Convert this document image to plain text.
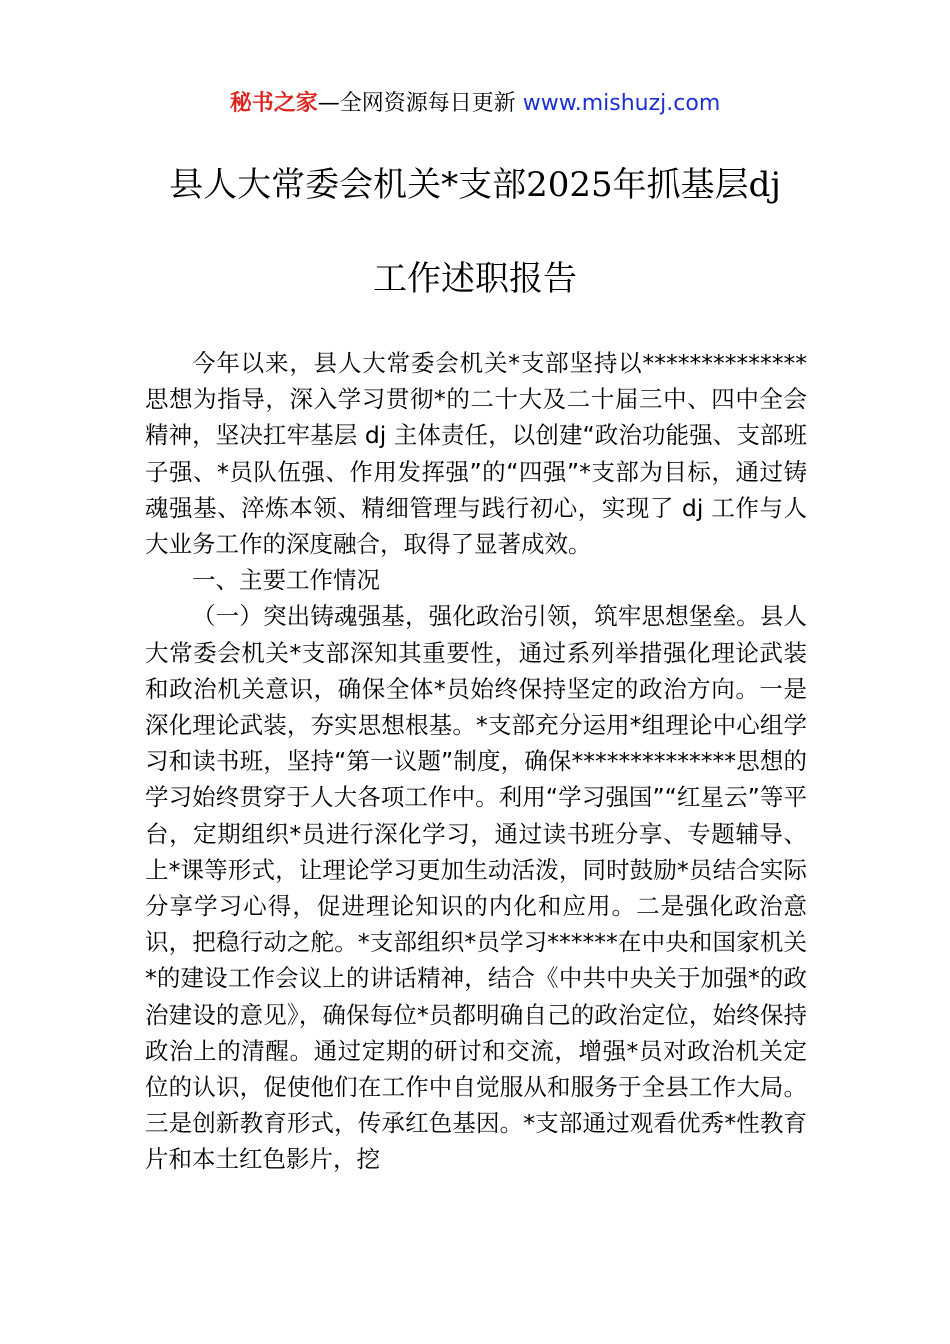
秘书之家—全网资源每日更新 www.mishuzj.com
县人大常委会机关*支部2025年抓基层dj
工作述职报告

今年以来，县人大常委会机关*支部坚持以**************思想为指导，深入学习贯彻*的二十大及二十届三中、四中全会精神，坚决扛牢基层 dj 主体责任，以创建“政治功能强、支部班子强、*员队伍强、作用发挥强”的“四强”*支部为目标，通过铸魂强基、淬炼本领、精细管理与践行初心，实现了 dj 工作与人大业务工作的深度融合，取得了显著成效。

一、主要工作情况

（一）突出铸魂强基，强化政治引领，筑牢思想堡垒。县人大常委会机关*支部深知其重要性，通过系列举措强化理论武装和政治机关意识，确保全体*员始终保持坚定的政治方向。一是深化理论武装，夯实思想根基。*支部充分运用*组理论中心组学习和读书班，坚持“第一议题”制度，确保**************思想的学习始终贯穿于人大各项工作中。利用“学习强国”“红星云”等平台，定期组织*员进行深化学习，通过读书班分享、专题辅导、上*课等形式，让理论学习更加生动活泼，同时鼓励*员结合实际分享学习心得，促进理论知识的内化和应用。二是强化政治意识，把稳行动之舵。*支部组织*员学习******在中央和国家机关*的建设工作会议上的讲话精神，结合《中共中央关于加强*的政治建设的意见》，确保每位*员都明确自己的政治定位，始终保持政治上的清醒。通过定期的研讨和交流，增强*员对政治机关定位的认识，促使他们在工作中自觉服从和服务于全县工作大局。三是创新教育形式，传承红色基因。*支部通过观看优秀*性教育片和本土红色影片，挖
